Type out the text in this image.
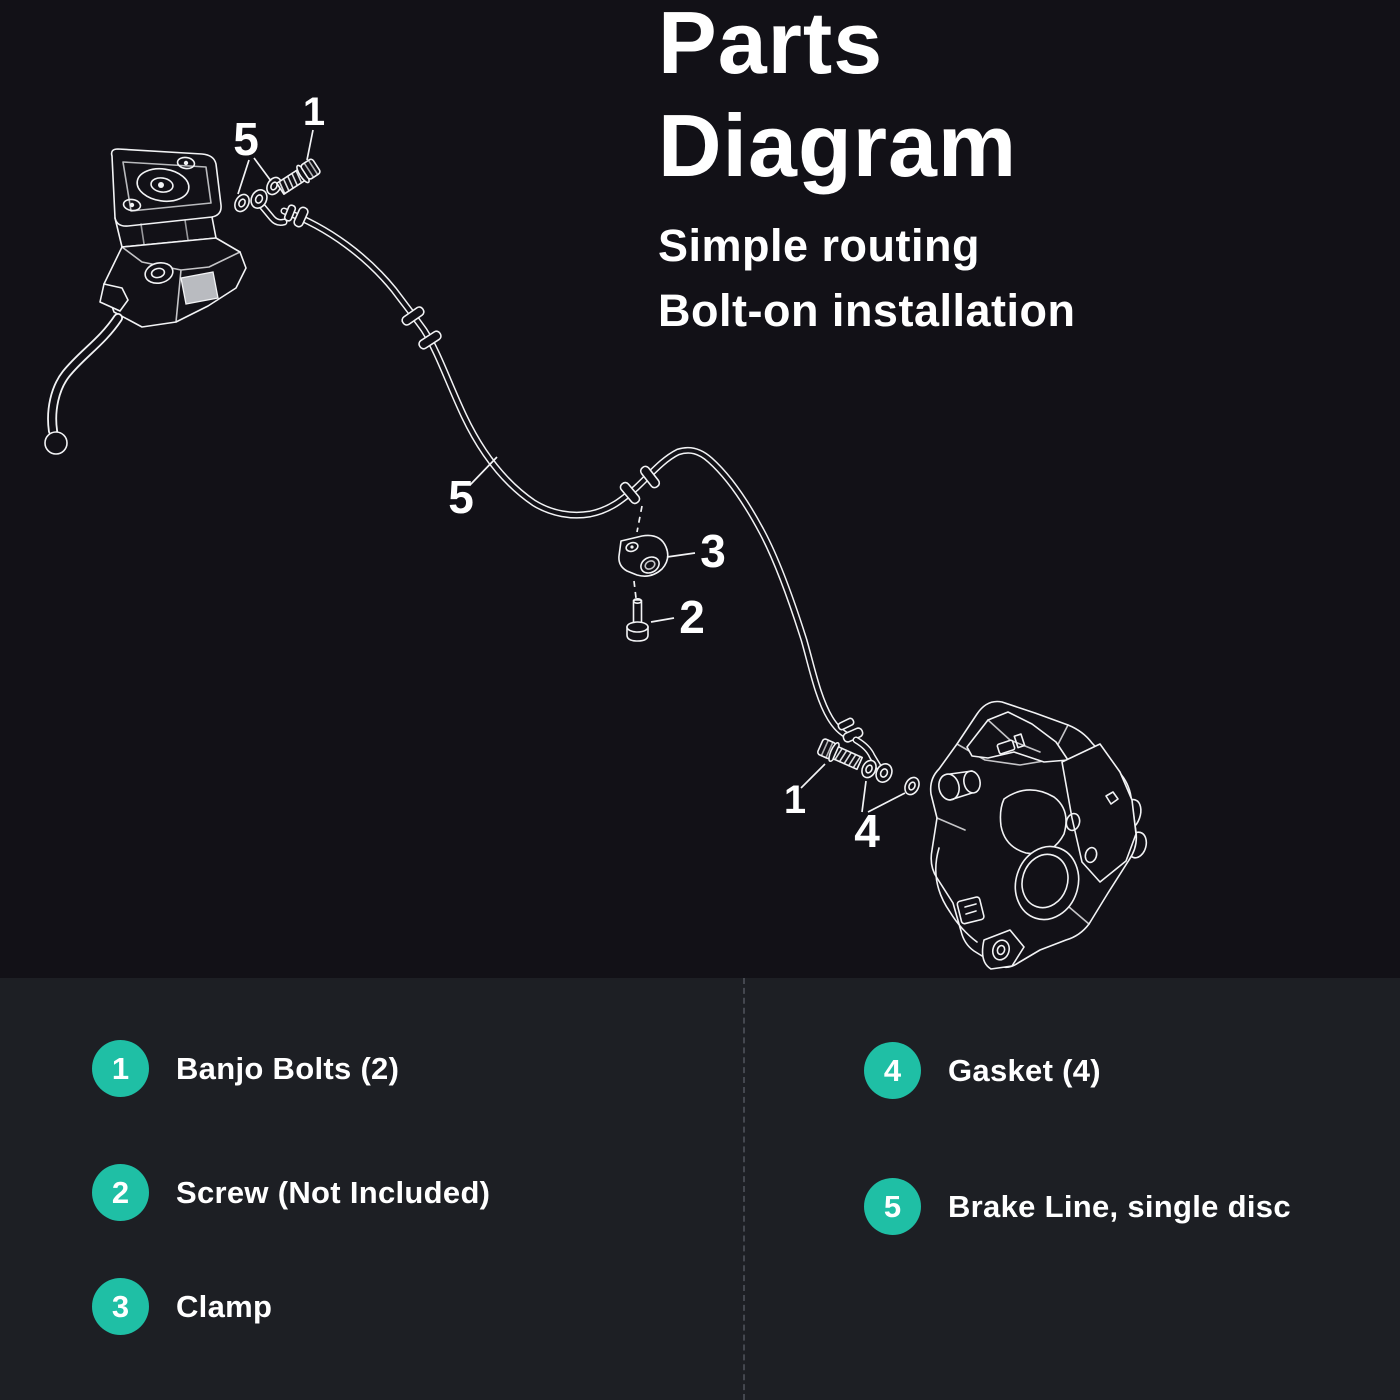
1
5
5
3
2
1
4
Parts
Diagram
Simple routing
Bolt-on installation
1	Banjo Bolts (2)
2	Screw (Not Included)
3	Clamp
4	Gasket (4)
5	Brake Line, single disc
